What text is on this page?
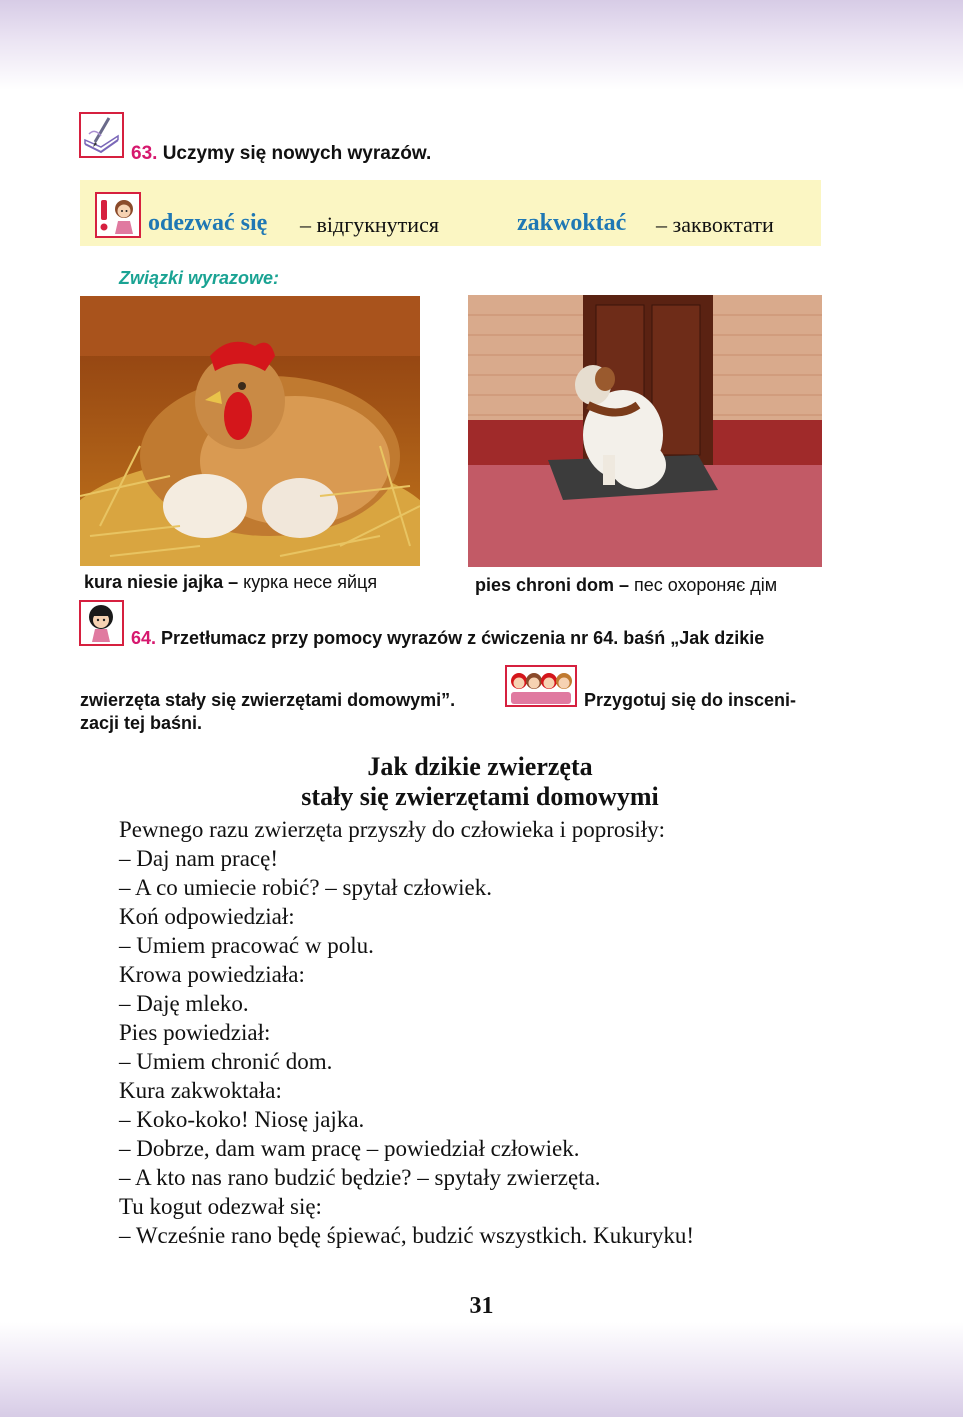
63. Uczymy się nowych wyrazów.
odezwać się – відгукнутися	zakwoktać – заквоктати
Związki wyrazowe:
kura niesie jajka – курка несе яйця	pies chroni dom – пес охороняє дім
64. Przetłumacz przy pomocy wyrazów z ćwiczenia nr 64. baśń „Jak dzikie
zwierzęta stały się zwierzętami domowymi”.	Przygotuj się do insceni-
zacji tej baśni.
Jak dzikie zwierzęta
stały się zwierzętami domowymi
Pewnego razu zwierzęta przyszły do człowieka i poprosiły:
– Daj nam pracę!
– A co umiecie robić? – spytał człowiek.
Koń odpowiedział:
– Umiem pracować w polu.
Krowa powiedziała:
– Daję mleko.
Pies powiedział:
– Umiem chronić dom.
Kura zakwoktała:
– Koko-koko! Niosę jajka.
– Dobrze, dam wam pracę – powiedział człowiek.
– A kto nas rano budzić będzie? – spytały zwierzęta.
Tu kogut odezwał się:
– Wcześnie rano będę śpiewać, budzić wszystkich. Kukuryku!
31
